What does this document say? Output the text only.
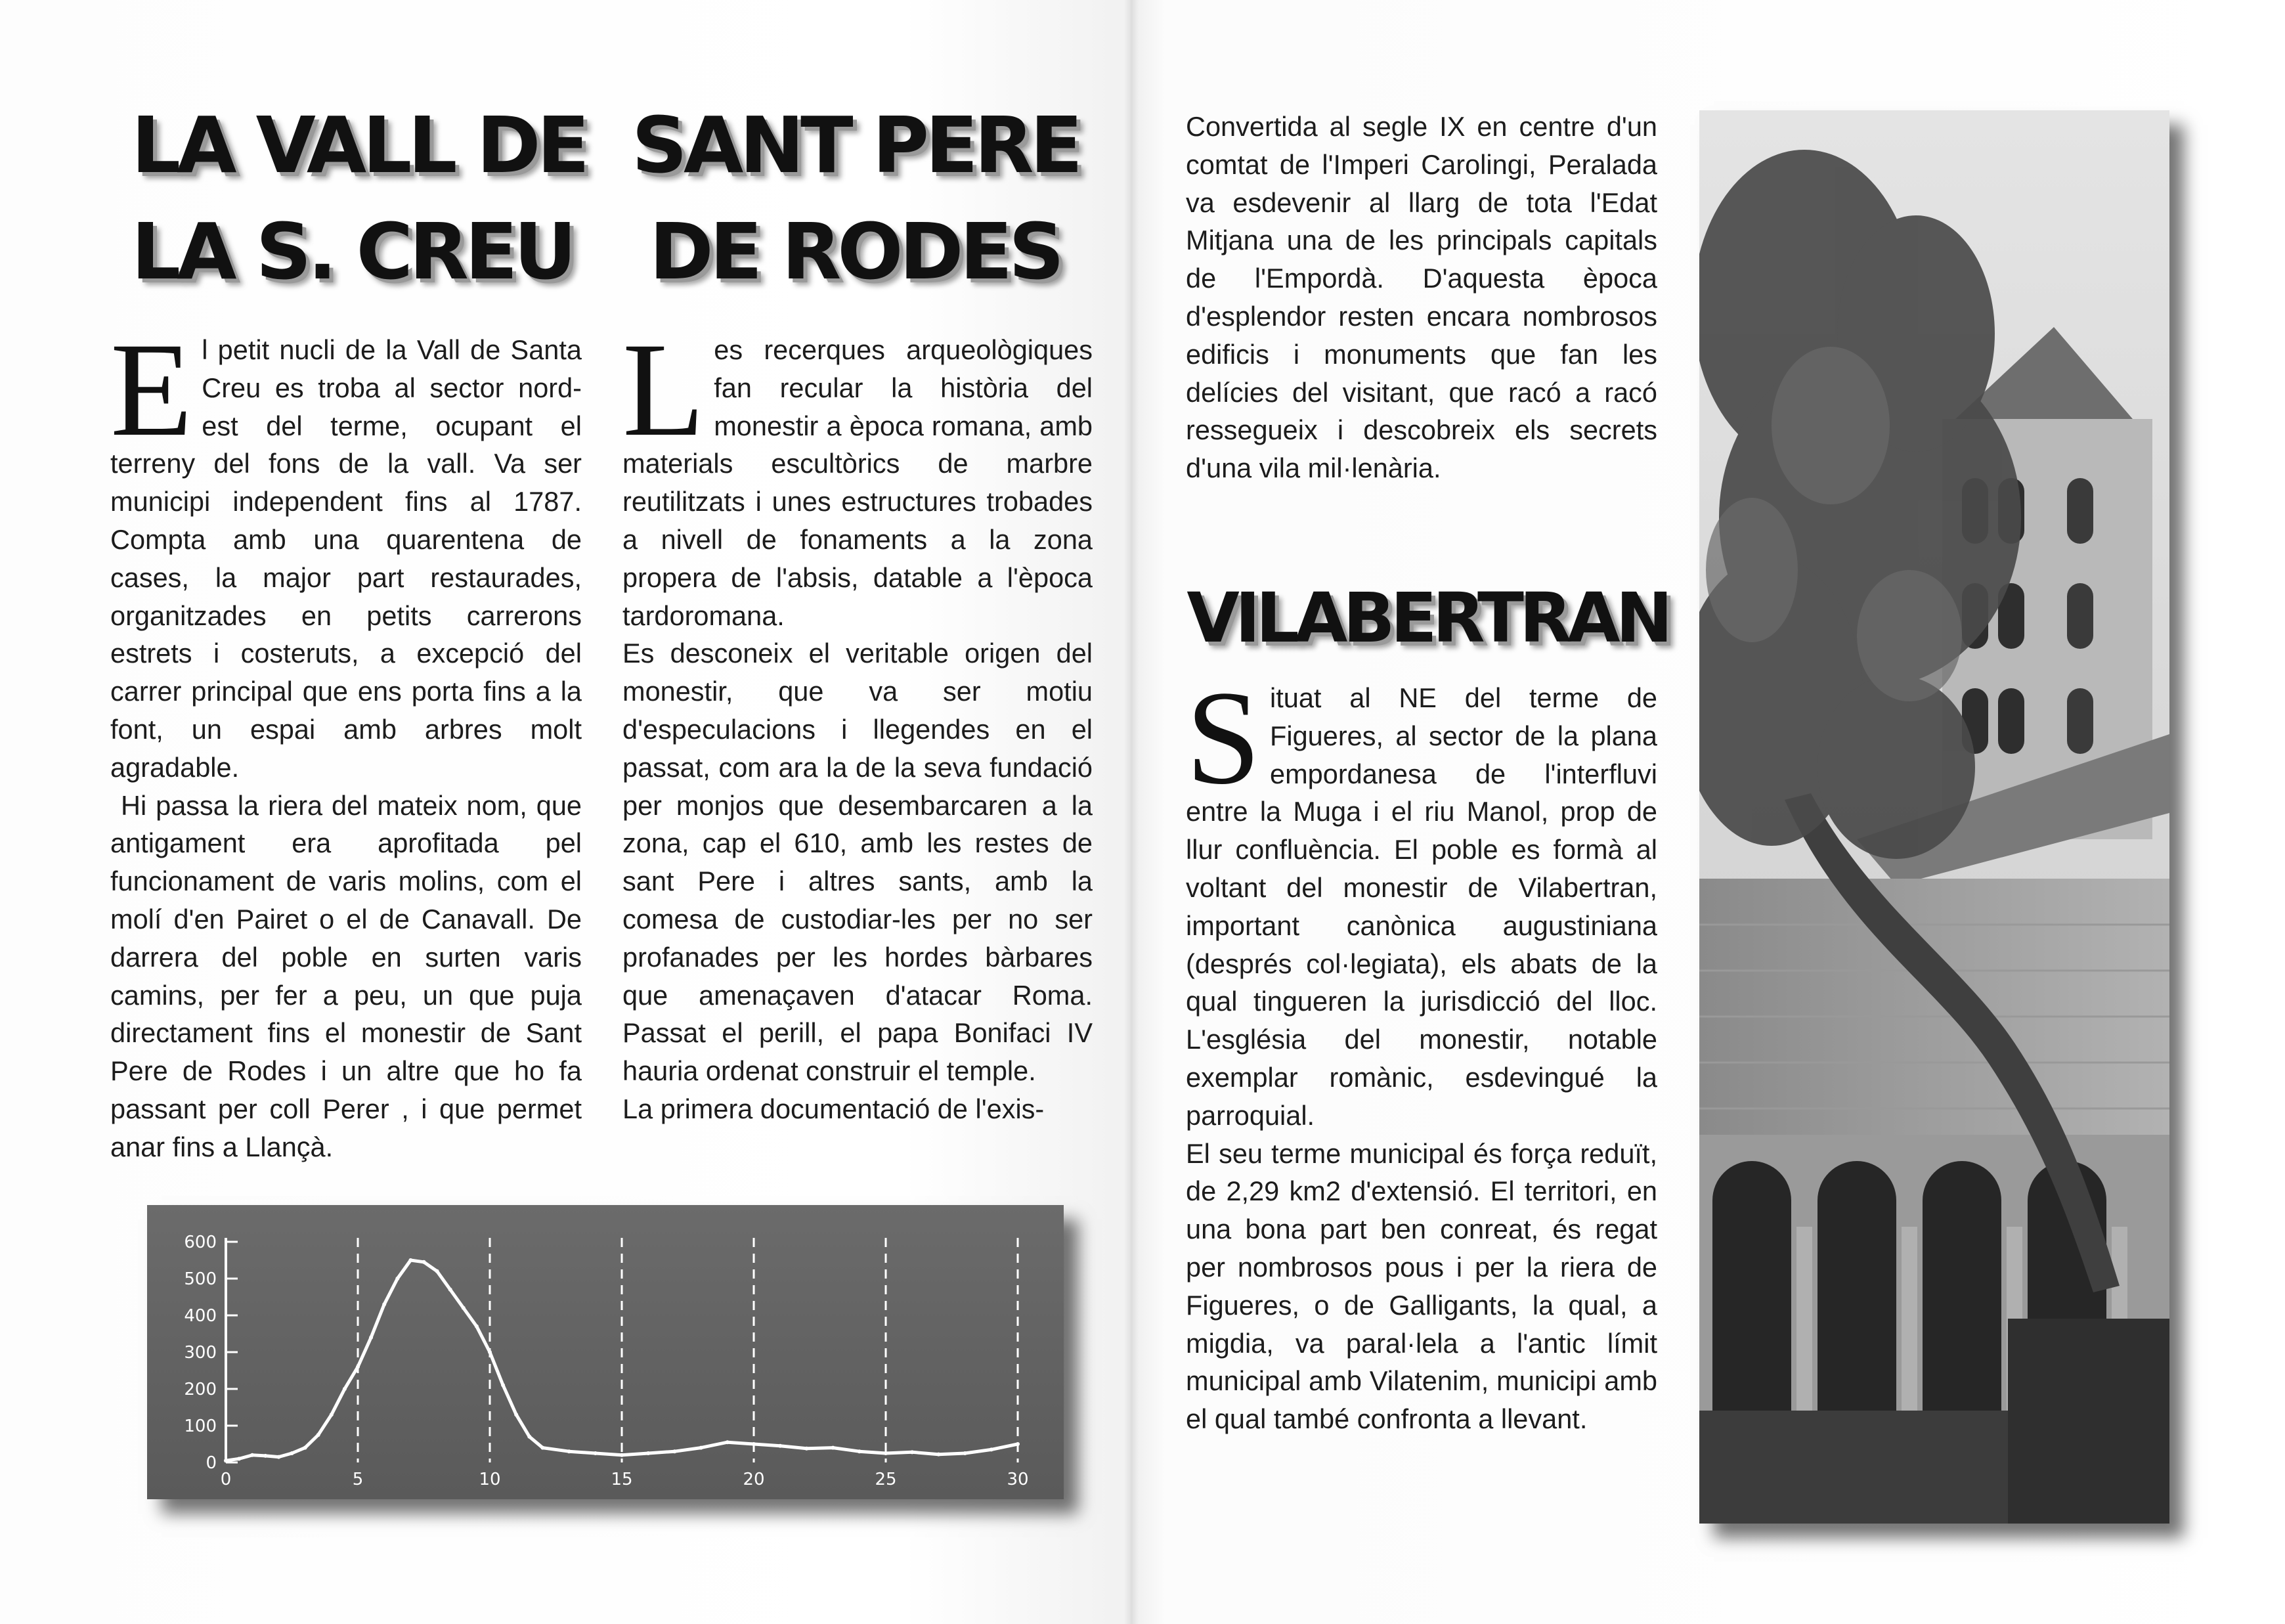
LA VALL DE
LA S. CREU

El petit nucli de la Vall de Santa Creu es troba al sector nord-est del terme, ocupant el terreny del fons de la vall. Va ser municipi independent fins al 1787. Compta amb una quarentena de cases, la major part restaurades, organitzades en petits carrerons estrets i costeruts, a excepció del carrer principal que ens porta fins a la font, un espai amb arbres molt agradable.

Hi passa la riera del mateix nom, que antigament era aprofitada pel funcionament de varis molins, com el molí d'en Pairet o el de Canavall. De darrera del poble en surten varis camins, per fer a peu, un que puja directament fins el monestir de Sant Pere de Rodes i un altre que ho fa passant per coll Perer , i que permet anar fins a Llançà.

SANT PERE
DE RODES

Les recerques arqueològiques fan recular la història del monestir a època romana, amb materials escultòrics de marbre reutilitzats i unes estructures trobades a nivell de fonaments a la zona propera de l'absis, datable a l'època tardoromana.

Es desconeix el veritable origen del monestir, que va ser motiu d'especulacions i llegendes en el passat, com ara la de la seva fundació per monjos que desembarcaren a la zona, cap el 610, amb les restes de sant Pere i altres sants, amb la comesa de custodiar-les per no ser profanades per les hordes bàrbares que amenaçaven d'atacar Roma. Passat el perill, el papa Bonifaci IV hauria ordenat construir el temple.

La primera documentació de l'exis-

0
100
200
300
400
500
600
0	5	10	15	20	25	30

Convertida al segle IX en centre d'un comtat de l'Imperi Carolingi, Peralada va esdevenir al llarg de tota l'Edat Mitjana una de les principals capitals de l'Empordà. D'aquesta època d'esplendor resten encara nombrosos edificis i monuments que fan les delícies del visitant, que racó a racó ressegueix i descobreix els secrets d'una vila mil·lenària.

VILABERTRAN

Situat al NE del terme de Figueres, al sector de la plana empordanesa de l'interfluvi entre la Muga i el riu Manol, prop de llur confluència. El poble es formà al voltant del monestir de Vilabertran, important canònica augustiniana (després col·legiata), els abats de la qual tingueren la jurisdicció del lloc. L'església del monestir, notable exemplar romànic, esdevingué la parroquial.

El seu terme municipal és força reduït, de 2,29 km2 d'extensió. El territori, en una bona part ben conreat, és regat per nombrosos pous i per la riera de Figueres, o de Galligants, la qual, a migdia, va paral·lela a l'antic límit municipal amb Vilatenim, municipi amb el qual també confronta a llevant.
